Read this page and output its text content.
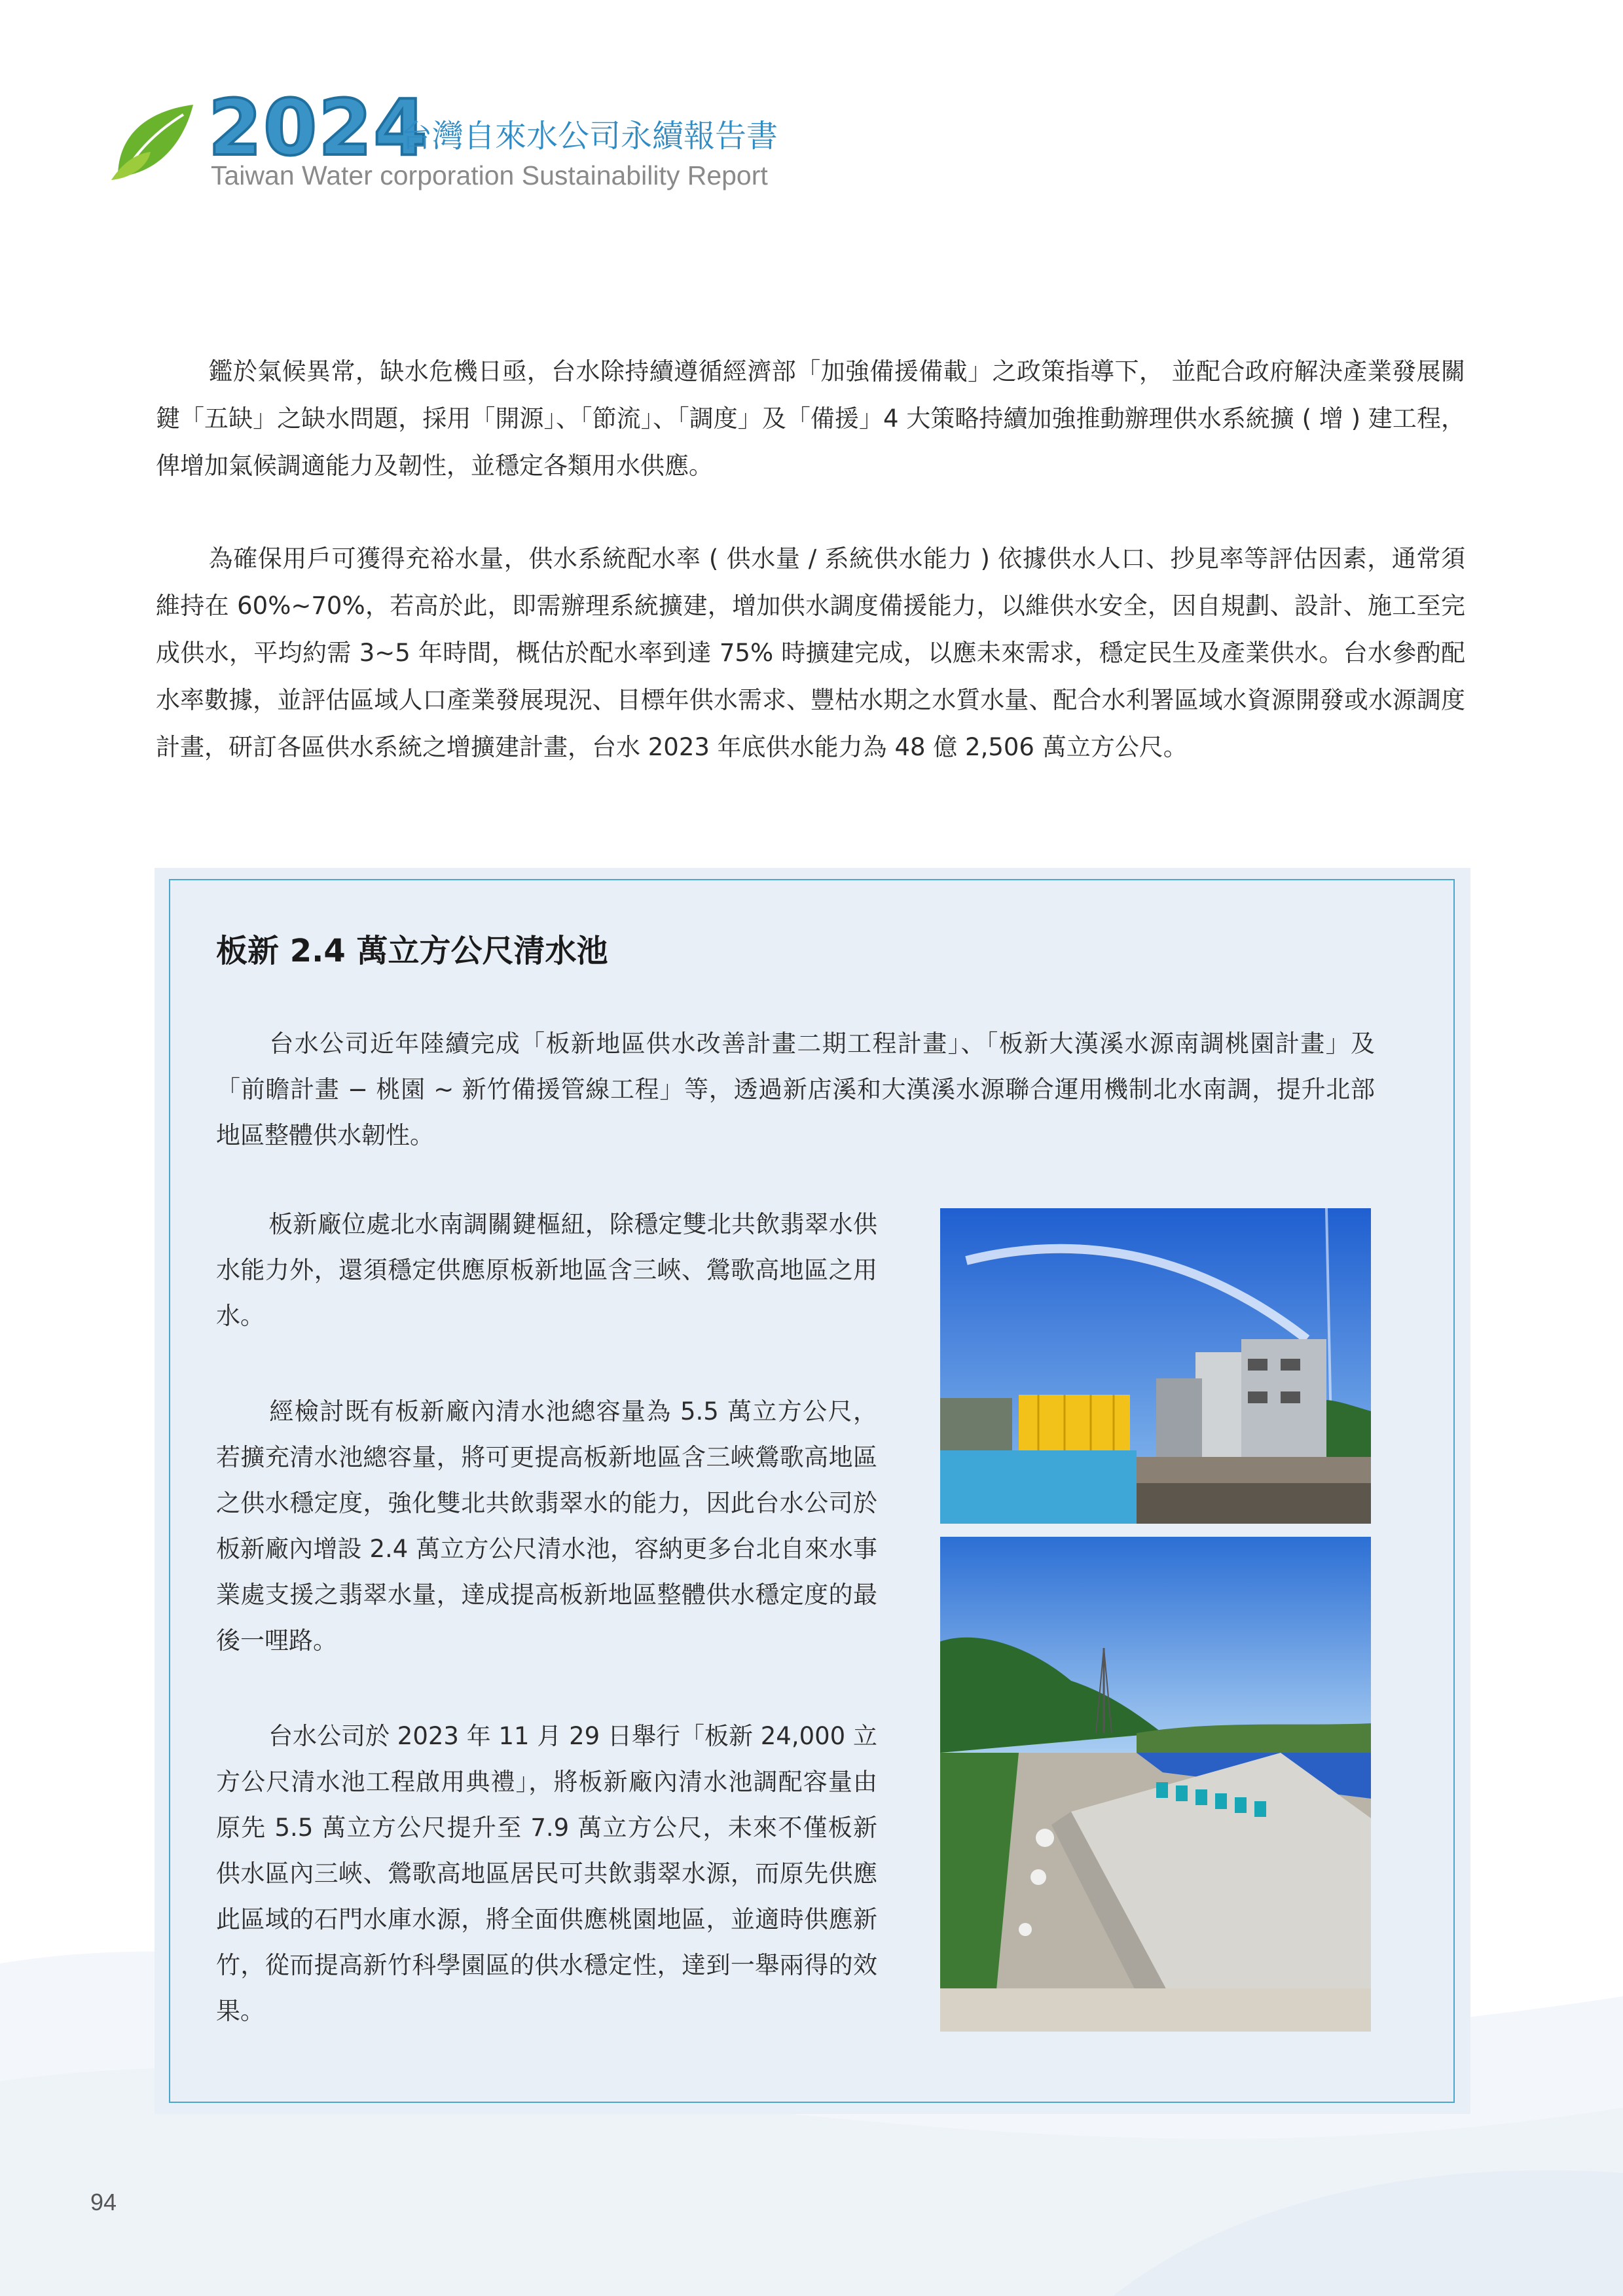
2024
台灣自來水公司永續報告書
Taiwan Water corporation Sustainability Report
鑑於氣候異常，缺水危機日亟，台水除持續遵循經濟部「加強備援備載」之政策指導下， 並配合政府解決產業發展關鍵「五缺」之缺水問題，採用「開源」、「節流」、「調度」及「備援」4 大策略持續加強推動辦理供水系統擴 ( 增 ) 建工程，俾增加氣候調適能力及韌性，並穩定各類用水供應。
為確保用戶可獲得充裕水量，供水系統配水率 ( 供水量 / 系統供水能力 ) 依據供水人口、抄見率等評估因素，通常須維持在 60%~70%，若高於此，即需辦理系統擴建，增加供水調度備援能力，以維供水安全，因自規劃、設計、施工至完成供水，平均約需 3~5 年時間，概估於配水率到達 75% 時擴建完成，以應未來需求，穩定民生及產業供水。台水參酌配水率數據，並評估區域人口產業發展現況、目標年供水需求、豐枯水期之水質水量、配合水利署區域水資源開發或水源調度計畫，研訂各區供水系統之增擴建計畫，台水 2023 年底供水能力為 48 億 2,506 萬立方公尺。
板新 2.4 萬立方公尺清水池
台水公司近年陸續完成「板新地區供水改善計畫二期工程計畫」、「板新大漢溪水源南調桃園計畫」及「前瞻計畫 − 桃園 ~ 新竹備援管線工程」等，透過新店溪和大漢溪水源聯合運用機制北水南調，提升北部地區整體供水韌性。
板新廠位處北水南調關鍵樞紐，除穩定雙北共飲翡翠水供水能力外，還須穩定供應原板新地區含三峽、鶯歌高地區之用水。
經檢討既有板新廠內清水池總容量為 5.5 萬立方公尺，若擴充清水池總容量，將可更提高板新地區含三峽鶯歌高地區之供水穩定度，強化雙北共飲翡翠水的能力，因此台水公司於板新廠內增設 2.4 萬立方公尺清水池，容納更多台北自來水事業處支援之翡翠水量，達成提高板新地區整體供水穩定度的最後一哩路。
台水公司於 2023 年 11 月 29 日舉行「板新 24,000 立方公尺清水池工程啟用典禮」，將板新廠內清水池調配容量由原先 5.5 萬立方公尺提升至 7.9 萬立方公尺，未來不僅板新供水區內三峽、鶯歌高地區居民可共飲翡翠水源，而原先供應此區域的石門水庫水源，將全面供應桃園地區，並適時供應新竹，從而提高新竹科學園區的供水穩定性，達到一舉兩得的效果。
94
